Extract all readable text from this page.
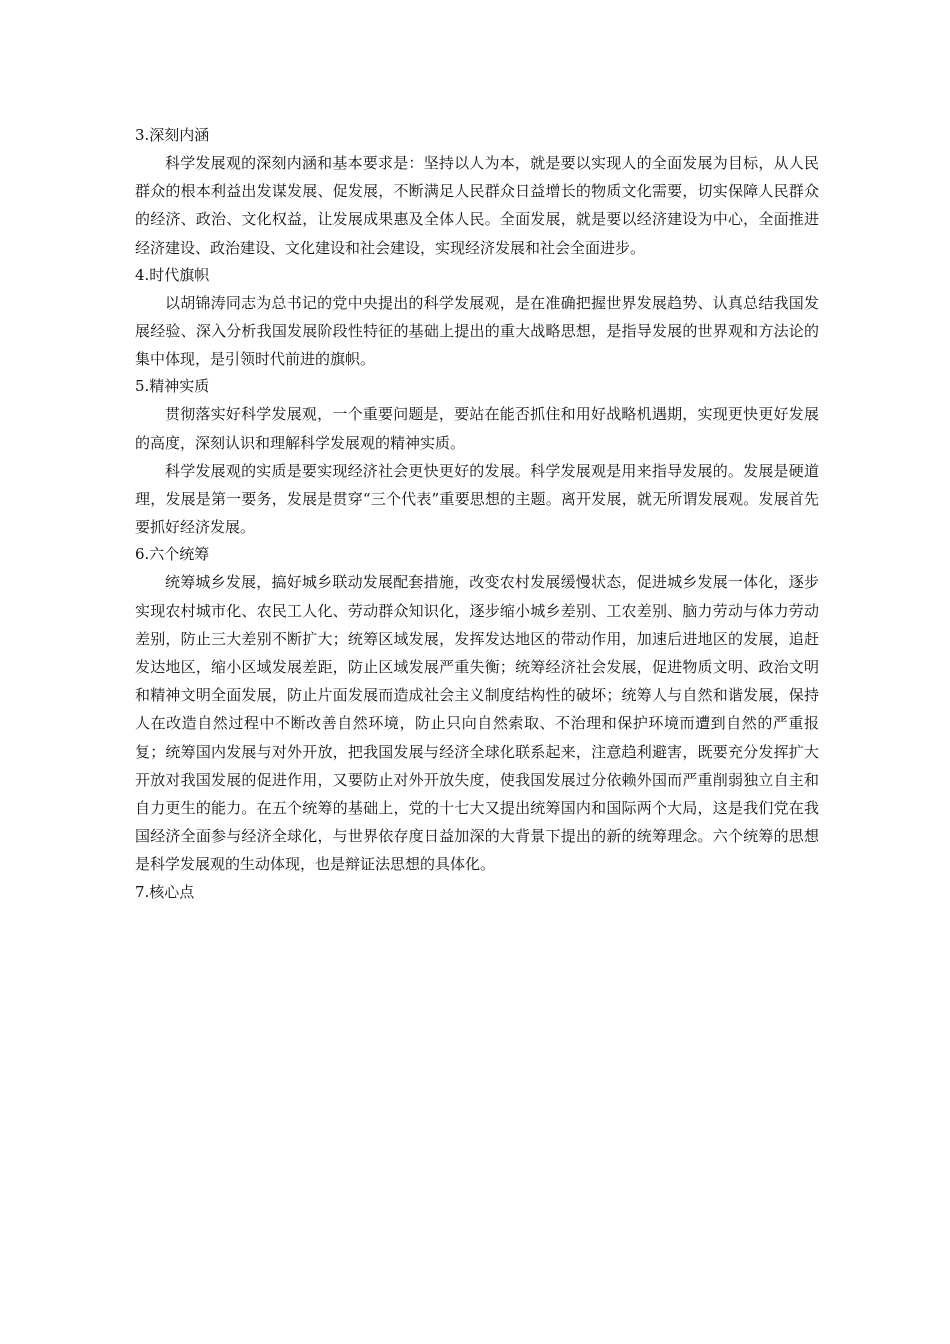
3.深刻内涵

科学发展观的深刻内涵和基本要求是：坚持以人为本，就是要以实现人的全面发展为目标，从人民群众的根本利益出发谋发展、促发展，不断满足人民群众日益增长的物质文化需要，切实保障人民群众的经济、政治、文化权益，让发展成果惠及全体人民。全面发展，就是要以经济建设为中心，全面推进经济建设、政治建设、文化建设和社会建设，实现经济发展和社会全面进步。

4.时代旗帜

以胡锦涛同志为总书记的党中央提出的科学发展观，是在准确把握世界发展趋势、认真总结我国发展经验、深入分析我国发展阶段性特征的基础上提出的重大战略思想，是指导发展的世界观和方法论的集中体现，是引领时代前进的旗帜。

5.精神实质

贯彻落实好科学发展观，一个重要问题是，要站在能否抓住和用好战略机遇期，实现更快更好发展的高度，深刻认识和理解科学发展观的精神实质。

科学发展观的实质是要实现经济社会更快更好的发展。科学发展观是用来指导发展的。发展是硬道理，发展是第一要务，发展是贯穿“三个代表”重要思想的主题。离开发展，就无所谓发展观。发展首先要抓好经济发展。

6.六个统筹

统筹城乡发展，搞好城乡联动发展配套措施，改变农村发展缓慢状态，促进城乡发展一体化，逐步实现农村城市化、农民工人化、劳动群众知识化，逐步缩小城乡差别、工农差别、脑力劳动与体力劳动差别，防止三大差别不断扩大；统筹区域发展，发挥发达地区的带动作用，加速后进地区的发展，追赶发达地区，缩小区域发展差距，防止区域发展严重失衡；统筹经济社会发展，促进物质文明、政治文明和精神文明全面发展，防止片面发展而造成社会主义制度结构性的破坏；统筹人与自然和谐发展，保持人在改造自然过程中不断改善自然环境，防止只向自然索取、不治理和保护环境而遭到自然的严重报复；统筹国内发展与对外开放，把我国发展与经济全球化联系起来，注意趋利避害，既要充分发挥扩大开放对我国发展的促进作用，又要防止对外开放失度，使我国发展过分依赖外国而严重削弱独立自主和自力更生的能力。在五个统筹的基础上，党的十七大又提出统筹国内和国际两个大局，这是我们党在我国经济全面参与经济全球化，与世界依存度日益加深的大背景下提出的新的统筹理念。六个统筹的思想是科学发展观的生动体现，也是辩证法思想的具体化。

7.核心点
